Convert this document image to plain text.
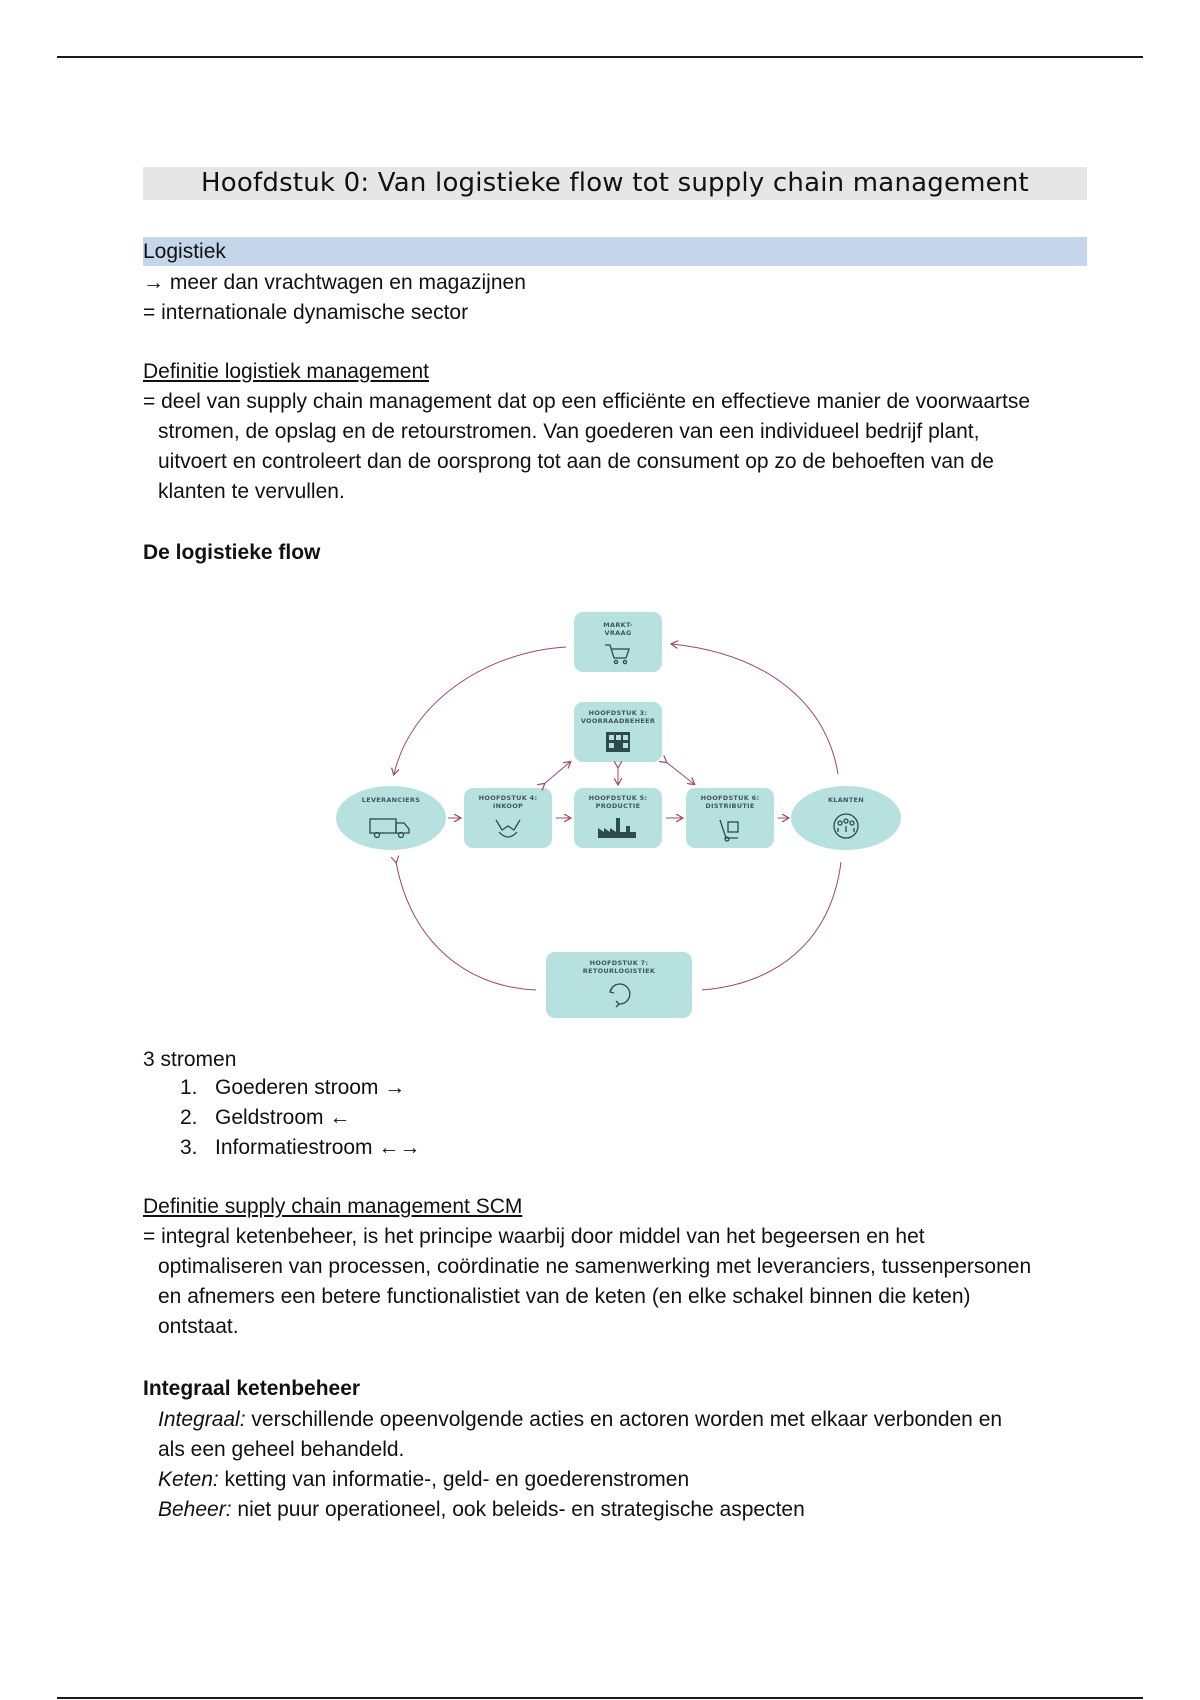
Hoofdstuk 0: Van logistieke flow tot supply chain management
Logistiek
→ meer dan vrachtwagen en magazijnen
= internationale dynamische sector
Definitie logistiek management
= deel van supply chain management dat op een efficiënte en effectieve manier de voorwaartse
stromen, de opslag en de retourstromen. Van goederen van een individueel bedrijf plant,
uitvoert en controleert dan de oorsprong tot aan de consument op zo de behoeften van de
klanten te vervullen.
De logistieke flow
3 stromen
1. Goederen stroom →
2. Geldstroom ←
3. Informatiestroom ←→
Definitie supply chain management SCM
= integral ketenbeheer, is het principe waarbij door middel van het begeersen en het
optimaliseren van processen, coördinatie ne samenwerking met leveranciers, tussenpersonen
en afnemers een betere functionalistiet van de keten (en elke schakel binnen die keten)
ontstaat.
Integraal ketenbeheer
Integraal: verschillende opeenvolgende acties en actoren worden met elkaar verbonden en
als een geheel behandeld.
Keten: ketting van informatie-, geld- en goederenstromen
Beheer: niet puur operationeel, ook beleids- en strategische aspecten
MARKT-
VRAAG
HOOFDSTUK 3:
VOORRAADBEHEER
LEVERANCIERS	HOOFDSTUK 4:
INKOOP
HOOFDSTUK 5:
PRODUCTIE
HOOFDSTUK 6:
DISTRIBUTIE
KLANTEN
HOOFDSTUK 7:
RETOURLOGISTIEK
